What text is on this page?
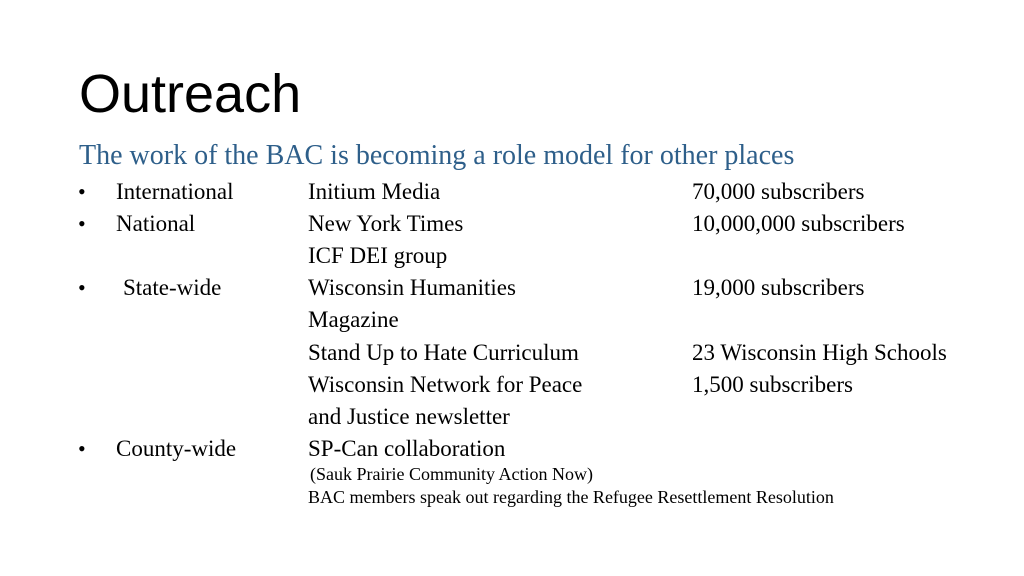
Outreach
The work of the BAC is becoming a role model for other places
• International	Initium Media	70,000 subscribers
• National	New York Times	10,000,000 subscribers
ICF DEI group
• State-wide	Wisconsin Humanities	19,000 subscribers
Magazine
Stand Up to Hate Curriculum	23 Wisconsin High Schools
Wisconsin Network for Peace	1,500 subscribers
and Justice newsletter
• County-wide	SP-Can collaboration
(Sauk Prairie Community Action Now)
BAC members speak out regarding the Refugee Resettlement Resolution
